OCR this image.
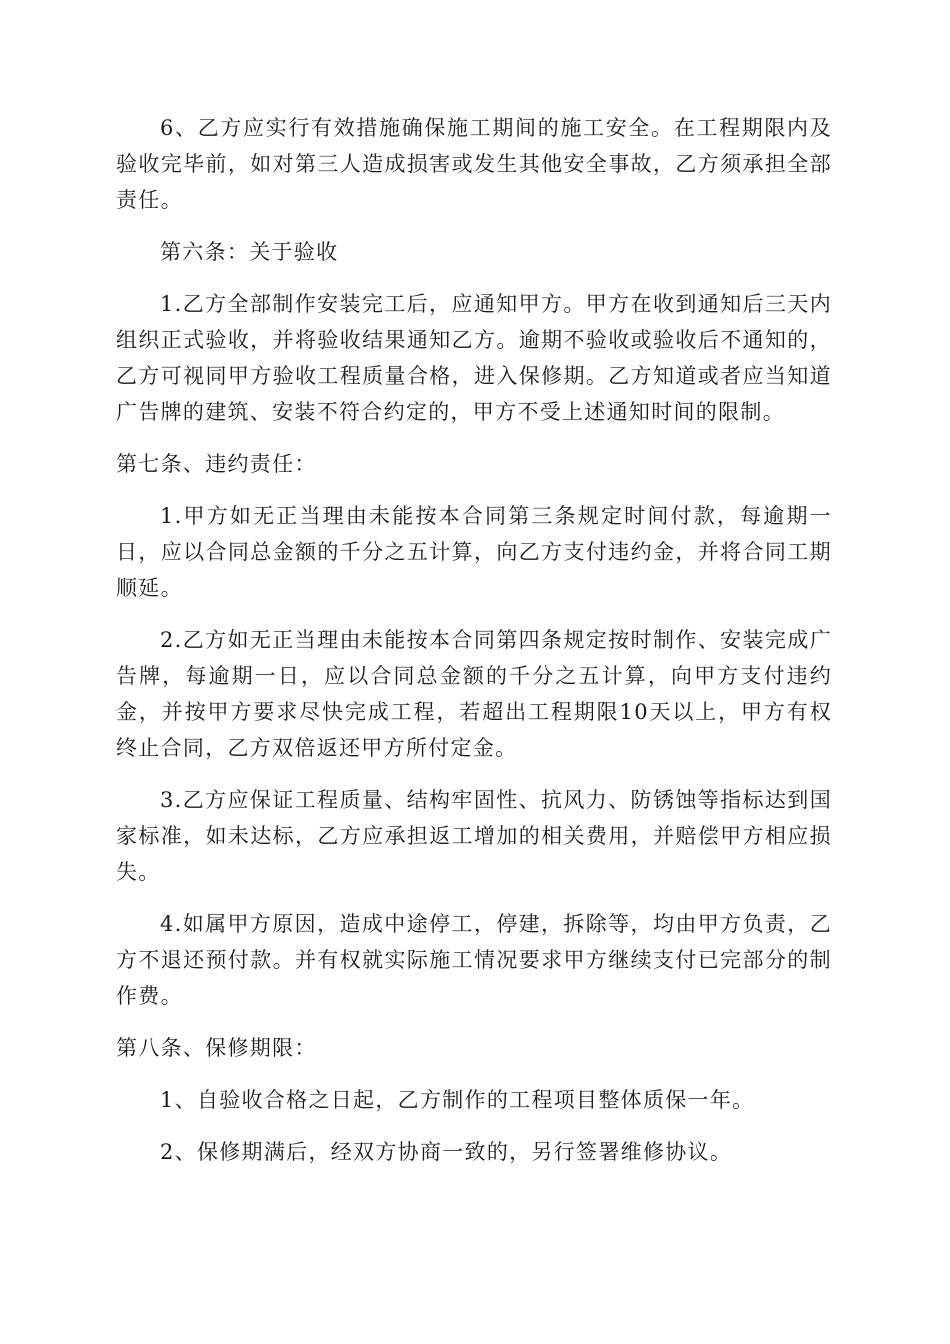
6、乙方应实行有效措施确保施工期间的施工安全。在工程期限内及验收完毕前，如对第三人造成损害或发生其他安全事故，乙方须承担全部责任。

第六条：关于验收

1.乙方全部制作安装完工后，应通知甲方。甲方在收到通知后三天内组织正式验收，并将验收结果通知乙方。逾期不验收或验收后不通知的，乙方可视同甲方验收工程质量合格，进入保修期。乙方知道或者应当知道广告牌的建筑、安装不符合约定的，甲方不受上述通知时间的限制。

第七条、违约责任：

1.甲方如无正当理由未能按本合同第三条规定时间付款，每逾期一日，应以合同总金额的千分之五计算，向乙方支付违约金，并将合同工期顺延。

2.乙方如无正当理由未能按本合同第四条规定按时制作、安装完成广告牌，每逾期一日，应以合同总金额的千分之五计算，向甲方支付违约金，并按甲方要求尽快完成工程，若超出工程期限10天以上，甲方有权终止合同，乙方双倍返还甲方所付定金。

3.乙方应保证工程质量、结构牢固性、抗风力、防锈蚀等指标达到国家标准，如未达标，乙方应承担返工增加的相关费用，并赔偿甲方相应损失。

4.如属甲方原因，造成中途停工，停建，拆除等，均由甲方负责，乙方不退还预付款。并有权就实际施工情况要求甲方继续支付已完部分的制作费。

第八条、保修期限：

1、自验收合格之日起，乙方制作的工程项目整体质保一年。

2、保修期满后，经双方协商一致的，另行签署维修协议。
